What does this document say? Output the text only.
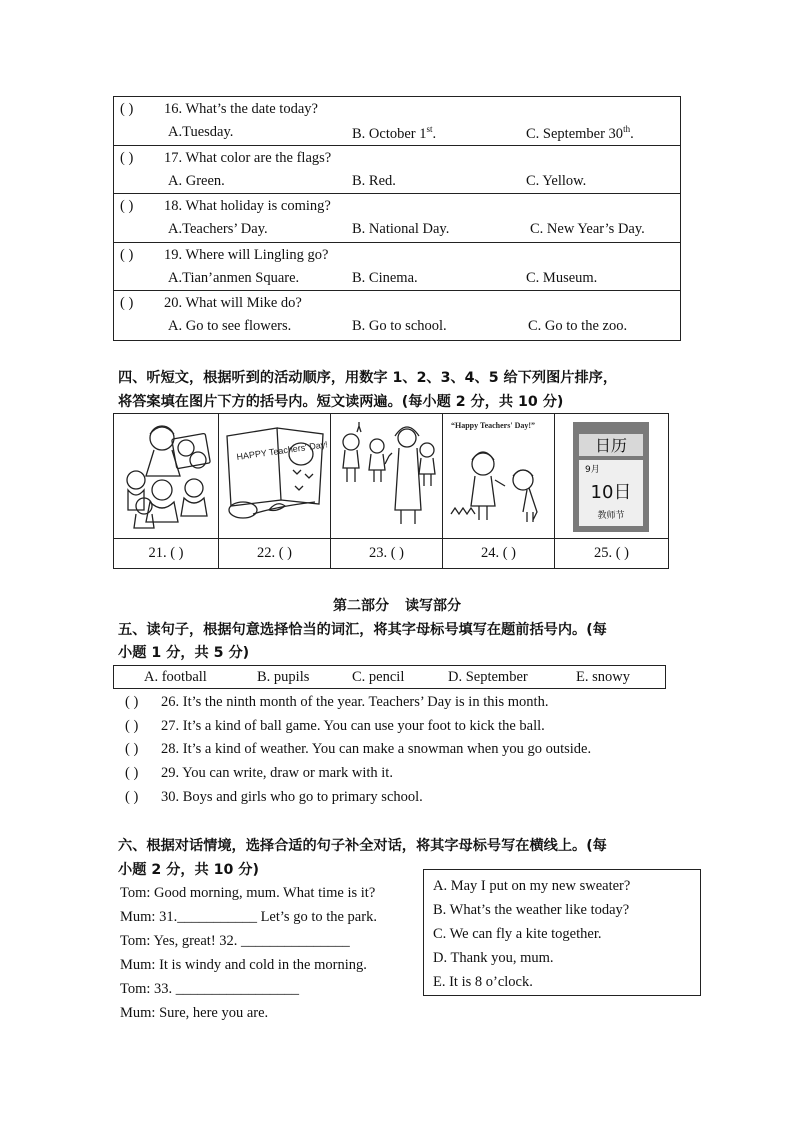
( ) 16. What’s the date today?
A.Tuesday.	B. October 1st.	C. September 30th.
( ) 17. What color are the flags?
A. Green.	B. Red.	C. Yellow.
( ) 18. What holiday is coming?
A.Teachers’ Day.	B. National Day.	C. New Year’s Day.
( ) 19. Where will Lingling go?
A.Tian’anmen Square.	B. Cinema.	C. Museum.
( ) 20. What will Mike do?
A. Go to see flowers.	B. Go to school.	C. Go to the zoo.
四、听短文，根据听到的活动顺序，用数字 1、2、3、4、5 给下列图片排序，
将答案填在图片下方的括号内。短文读两遍。(每小题 2 分，共 10 分)
HAPPY Teachers' Day!
“Happy Teachers' Day!”
日历
9月
10日
教师节
21. ( )	22. ( )	23. ( )	24. ( )	25. ( )
第二部分 读写部分
五、读句子，根据句意选择恰当的词汇，将其字母标号填写在题前括号内。(每
小题 1 分，共 5 分)
A. football	B. pupils	C. pencil	D. September	E. snowy
( ) 26. It’s the ninth month of the year. Teachers’ Day is in this month.
( ) 27. It’s a kind of ball game. You can use your foot to kick the ball.
( ) 28. It’s a kind of weather. You can make a snowman when you go outside.
( ) 29. You can write, draw or mark with it.
( ) 30. Boys and girls who go to primary school.
六、根据对话情境，选择合适的句子补全对话，将其字母标号写在横线上。(每
小题 2 分，共 10 分)
Tom: Good morning, mum. What time is it?
Mum: 31.___________ Let’s go to the park.
Tom: Yes, great! 32. _______________
Mum: It is windy and cold in the morning.
Tom: 33. _________________
Mum: Sure, here you are.
A. May I put on my new sweater?
B. What’s the weather like today?
C. We can fly a kite together.
D. Thank you, mum.
E. It is 8 o’clock.
